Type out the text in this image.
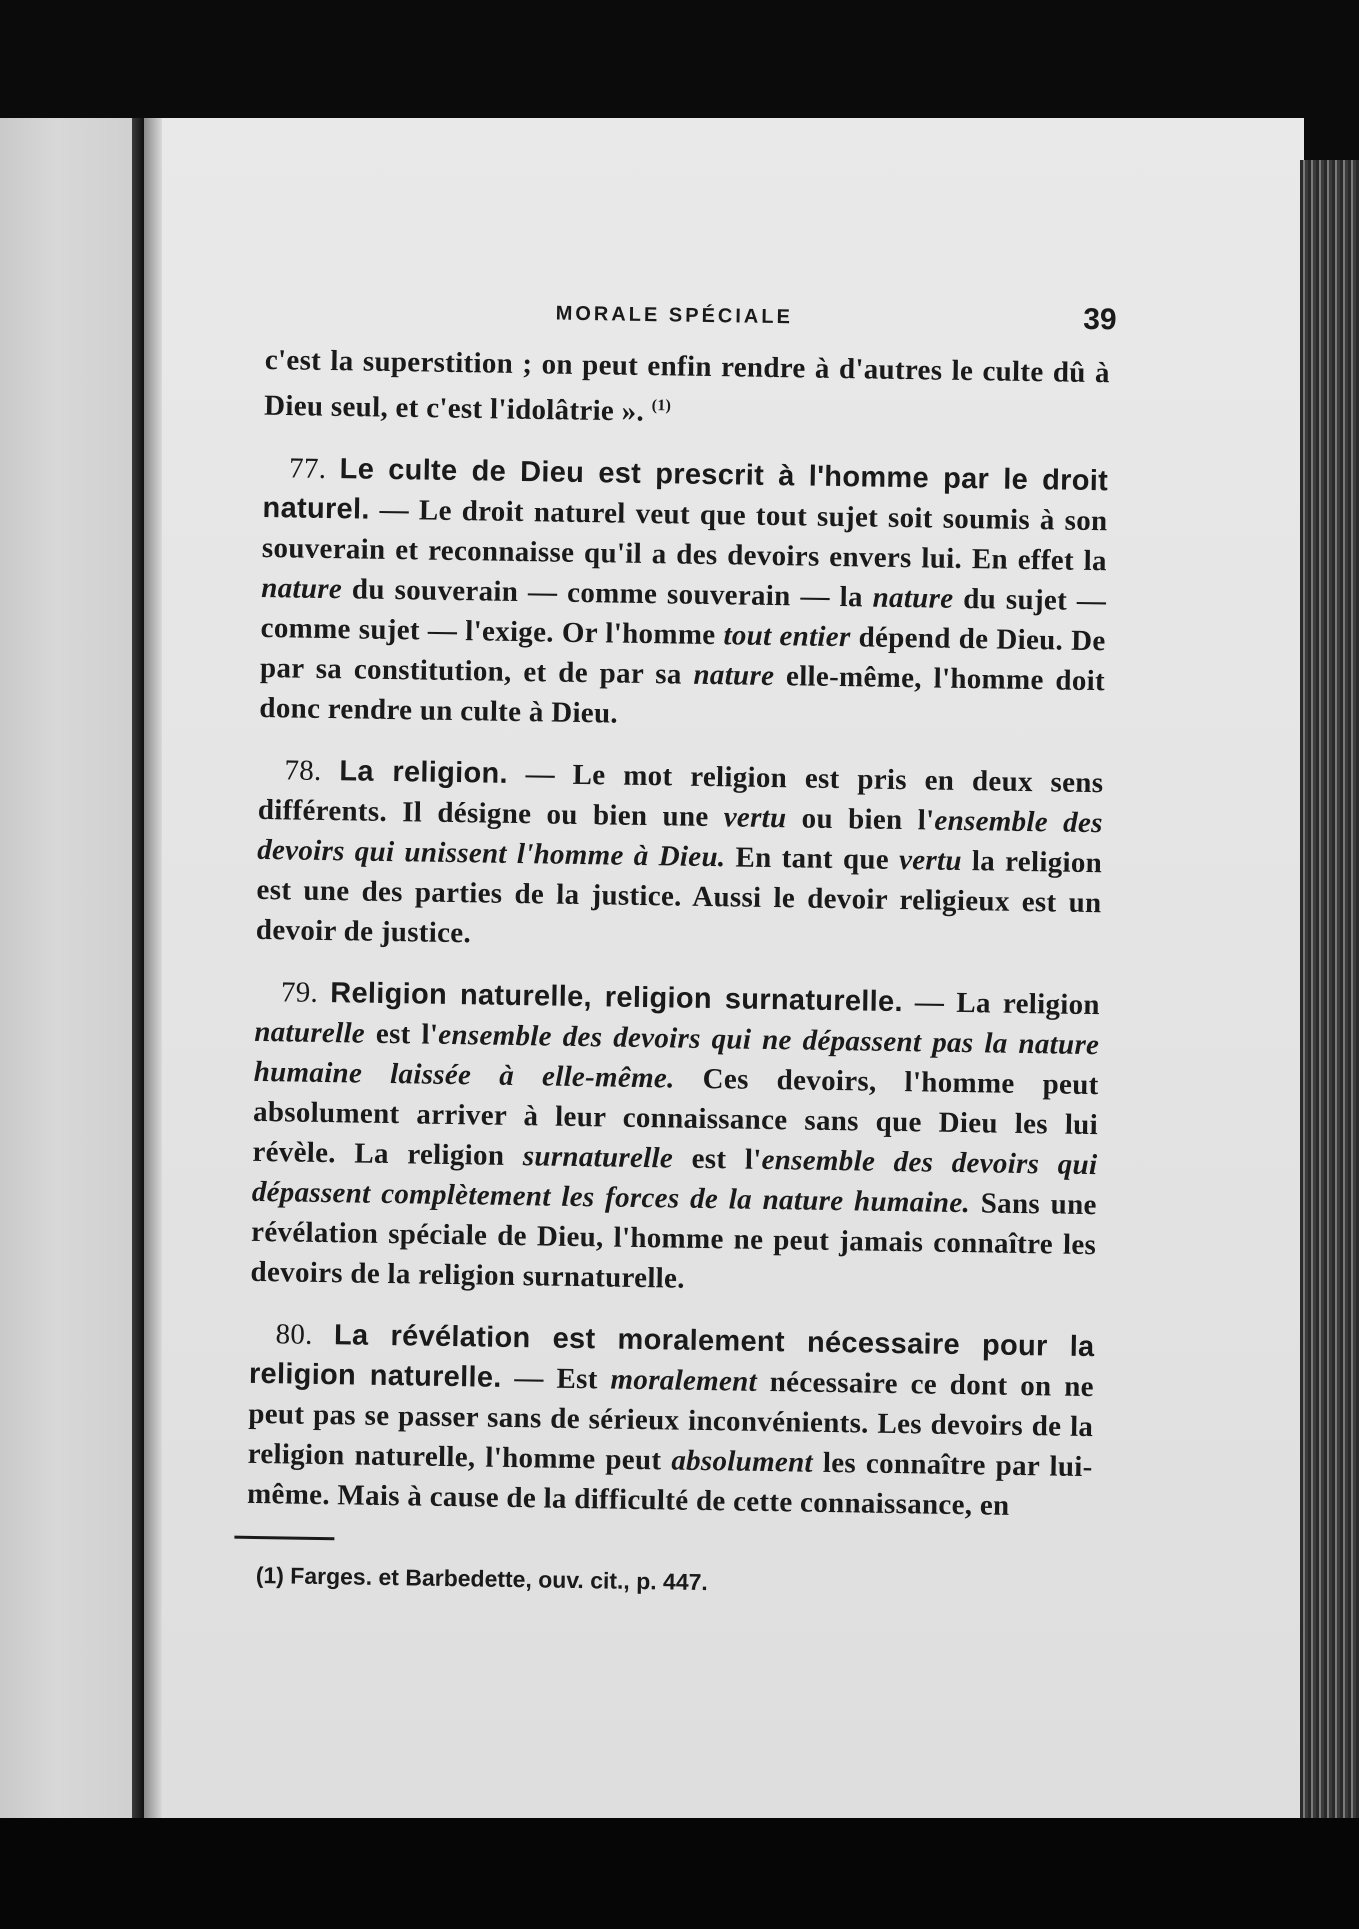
MORALE SPÉCIALE	39

c'est la superstition ; on peut enfin rendre à d'autres le culte dû à Dieu seul, et c'est l'idolâtrie ». $^{(1)}$

77. Le culte de Dieu est prescrit à l'homme par le droit naturel. — Le droit naturel veut que tout sujet soit soumis à son souverain et reconnaisse qu'il a des devoirs envers lui. En effet la nature du souverain — comme souverain — la nature du sujet — comme sujet — l'exige. Or l'homme tout entier dépend de Dieu. De par sa constitution, et de par sa nature elle-même, l'homme doit donc rendre un culte à Dieu.

78. La religion. — Le mot religion est pris en deux sens différents. Il désigne ou bien une vertu ou bien l'ensemble des devoirs qui unissent l'homme à Dieu. En tant que vertu la religion est une des parties de la justice. Aussi le devoir religieux est un devoir de justice.

79. Religion naturelle, religion surnaturelle. — La religion naturelle est l'ensemble des devoirs qui ne dépassent pas la nature humaine laissée à elle-même. Ces devoirs, l'homme peut absolument arriver à leur connaissance sans que Dieu les lui révèle. La religion surnaturelle est l'ensemble des devoirs qui dépassent complètement les forces de la nature humaine. Sans une révélation spéciale de Dieu, l'homme ne peut jamais connaître les devoirs de la religion surnaturelle.

80. La révélation est moralement nécessaire pour la religion naturelle. — Est moralement nécessaire ce dont on ne peut pas se passer sans de sérieux inconvénients. Les devoirs de la religion naturelle, l'homme peut absolument les connaître par lui-même. Mais à cause de la difficulté de cette connaissance, en

(1) Farges. et Barbedette, ouv. cit., p. 447.
